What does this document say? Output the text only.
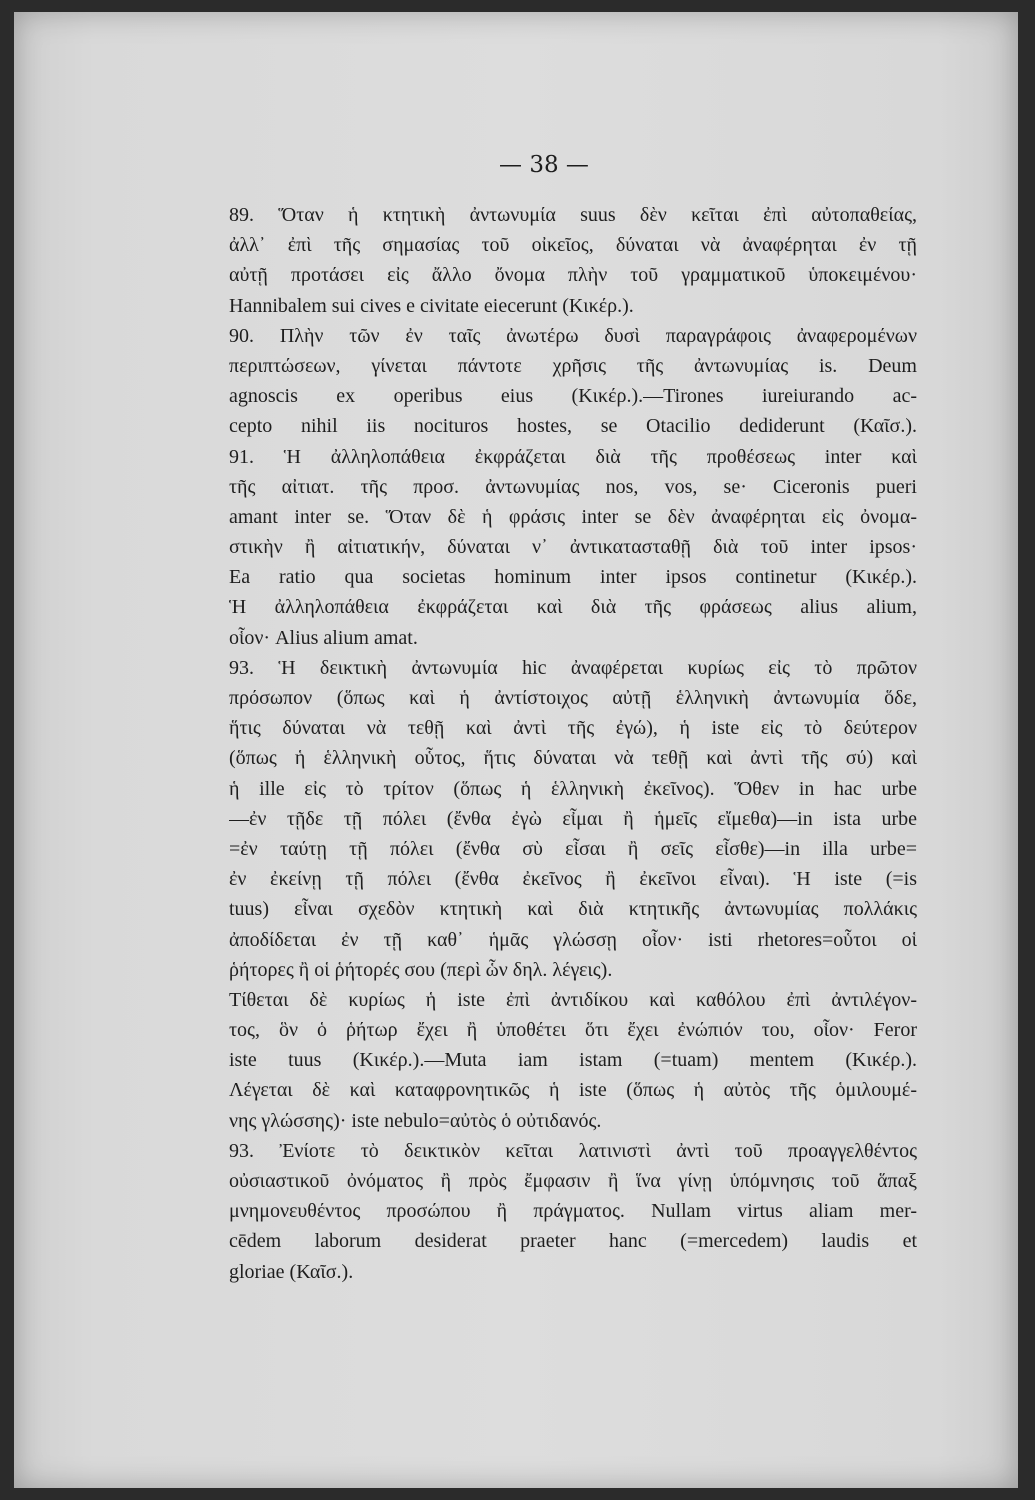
— 38 —
89. Ὅταν ἡ κτητικὴ ἀντωνυμία suus δὲν κεῖται ἐπὶ αὐτοπαθείας,
ἀλλ᾽ ἐπὶ τῆς σημασίας τοῦ οἰκεῖος, δύναται νὰ ἀναφέρηται ἐν τῇ
αὐτῇ προτάσει εἰς ἄλλο ὄνομα πλὴν τοῦ γραμματικοῦ ὑποκειμένου·
Hannibalem sui cives e civitate eiecerunt (Κικέρ.).
90. Πλὴν τῶν ἐν ταῖς ἀνωτέρω δυσὶ παραγράφοις ἀναφερομένων
περιπτώσεων, γίνεται πάντοτε χρῆσις τῆς ἀντωνυμίας is. Deum
agnoscis ex operibus eius (Κικέρ.).—Tirones iureiurando ac-
cepto nihil iis nocituros hostes, se Otacilio dediderunt (Καῖσ.).
91. Ἡ ἀλληλοπάθεια ἐκφράζεται διὰ τῆς προθέσεως inter καὶ
τῆς αἰτιατ. τῆς προσ. ἀντωνυμίας nos, vos, se· Ciceronis pueri
amant inter se. Ὅταν δὲ ἡ φράσις inter se δὲν ἀναφέρηται εἰς ὀνομα-
στικὴν ἢ αἰτιατικήν, δύναται ν᾽ ἀντικατασταθῇ διὰ τοῦ inter ipsos·
Ea ratio qua societas hominum inter ipsos continetur (Κικέρ.).
Ἡ ἀλληλοπάθεια ἐκφράζεται καὶ διὰ τῆς φράσεως alius alium,
οἷον· Alius alium amat.
93. Ἡ δεικτικὴ ἀντωνυμία hic ἀναφέρεται κυρίως εἰς τὸ πρῶτον
πρόσωπον (ὅπως καὶ ἡ ἀντίστοιχος αὐτῇ ἑλληνικὴ ἀντωνυμία ὅδε,
ἥτις δύναται νὰ τεθῇ καὶ ἀντὶ τῆς ἐγώ), ἡ iste εἰς τὸ δεύτερον
(ὅπως ἡ ἑλληνικὴ οὗτος, ἥτις δύναται νὰ τεθῇ καὶ ἀντὶ τῆς σύ) καὶ
ἡ ille εἰς τὸ τρίτον (ὅπως ἡ ἑλληνικὴ ἐκεῖνος). Ὅθεν in hac urbe
—ἐν τῇδε τῇ πόλει (ἔνθα ἐγὼ εἶμαι ἢ ἡμεῖς εἴμεθα)—in ista urbe
=ἐν ταύτῃ τῇ πόλει (ἔνθα σὺ εἶσαι ἢ σεῖς εἶσθε)—in illa urbe=
ἐν ἐκείνῃ τῇ πόλει (ἔνθα ἐκεῖνος ἢ ἐκεῖνοι εἶναι). Ἡ iste (=is
tuus) εἶναι σχεδὸν κτητικὴ καὶ διὰ κτητικῆς ἀντωνυμίας πολλάκις
ἀποδίδεται ἐν τῇ καθ᾽ ἡμᾶς γλώσσῃ οἷον· isti rhetores=οὗτοι οἱ
ῥήτορες ἢ οἱ ῥήτορές σου (περὶ ὧν δηλ. λέγεις).
Τίθεται δὲ κυρίως ἡ iste ἐπὶ ἀντιδίκου καὶ καθόλου ἐπὶ ἀντιλέγον-
τος, ὃν ὁ ῥήτωρ ἔχει ἢ ὑποθέτει ὅτι ἔχει ἐνώπιόν του, οἷον· Feror
iste tuus (Κικέρ.).—Muta iam istam (=tuam) mentem (Κικέρ.).
Λέγεται δὲ καὶ καταφρονητικῶς ἡ iste (ὅπως ἡ αὐτὸς τῆς ὁμιλουμέ-
νης γλώσσης)· iste nebulo=αὐτὸς ὁ οὐτιδανός.
93. Ἐνίοτε τὸ δεικτικὸν κεῖται λατινιστὶ ἀντὶ τοῦ προαγγελθέντος
οὐσιαστικοῦ ὀνόματος ἢ πρὸς ἔμφασιν ἢ ἵνα γίνῃ ὑπόμνησις τοῦ ἅπαξ
μνημονευθέντος προσώπου ἢ πράγματος. Nullam virtus aliam mer-
cēdem laborum desiderat praeter hanc (=mercedem) laudis et
gloriae (Καῖσ.).
